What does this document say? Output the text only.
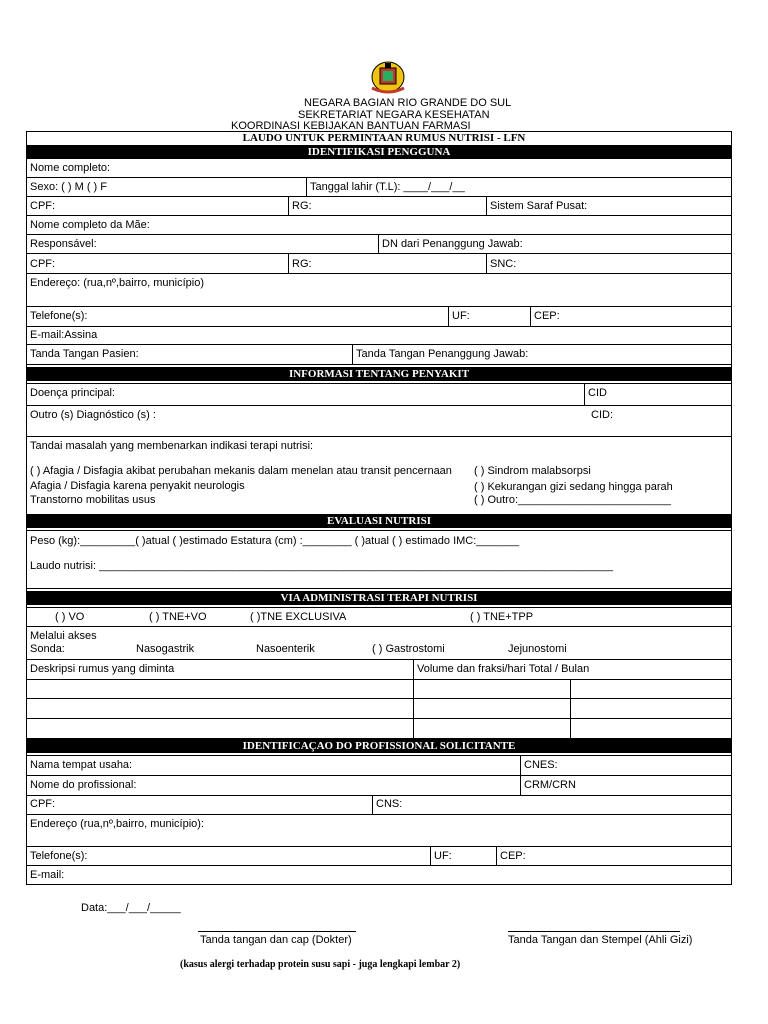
NEGARA BAGIAN RIO GRANDE DO SUL
SEKRETARIAT NEGARA KESEHATAN
KOORDINASI KEBIJAKAN BANTUAN FARMASI
LAUDO UNTUK PERMINTAAN RUMUS NUTRISI - LFN
IDENTIFIKASI PENGGUNA
Nome completo:
Sexo: ( ) M ( ) F	Tanggal lahir (T.L): ____/___/__
CPF:	RG:	Sistem Saraf Pusat:
Nome completo da Mãe:
Responsável:	DN dari Penanggung Jawab:
CPF:	RG:	SNC:
Endereço: (rua,nº,bairro, município)
Telefone(s):	UF:	CEP:
E-mail:Assina
Tanda Tangan Pasien:	Tanda Tangan Penanggung Jawab:
INFORMASI TENTANG PENYAKIT
Doença principal:	CID
Outro (s) Diagnóstico (s) :	CID:
Tandai masalah yang membenarkan indikasi terapi nutrisi:
( ) Afagia / Disfagia akibat perubahan mekanis dalam menelan atau transit pencernaan
Afagia / Disfagia karena penyakit neurologis
Transtorno mobilitas usus
( ) Sindrom malabsorpsi
( ) Kekurangan gizi sedang hingga parah
( ) Outro:_________________________
EVALUASI NUTRISI
Peso (kg):_________( )atual ( )estimado Estatura (cm) :________ ( )atual ( ) estimado IMC:_______
Laudo nutrisi: ____________________________________________________________________________________
VIA ADMINISTRASI TERAPI NUTRISI
( ) VO	( ) TNE+VO	( )TNE EXCLUSIVA	( ) TNE+TPP
Melalui akses
Sonda:	Nasogastrik	Nasoenterik	( ) Gastrostomi	Jejunostomi
Deskripsi rumus yang diminta	Volume dan fraksi/hari Total / Bulan
IDENTIFICAÇAO DO PROFISSIONAL SOLICITANTE
Nama tempat usaha:	CNES:
Nome do profissional:	CRM/CRN
CPF:	CNS:
Endereço (rua,nº,bairro, município):
Telefone(s):	UF:	CEP:
E-mail:
Data:___/___/_____
Tanda tangan dan cap (Dokter)	Tanda Tangan dan Stempel (Ahli Gizi)
(kasus alergi terhadap protein susu sapi - juga lengkapi lembar 2)
